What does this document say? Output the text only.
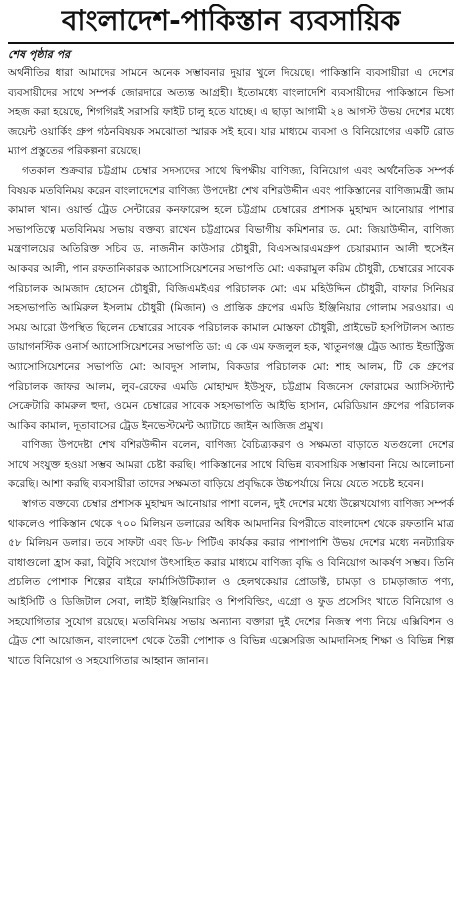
বাংলাদেশ-পাকিস্তান ব্যবসায়িক
শেষ পৃষ্ঠার পর

অর্থনীতির ধারা আমাদের সামনে অনেক সম্ভাবনার দুয়ার খুলে দিয়েছে। পাকিস্তানি ব্যবসায়ীরা এ দেশের ব্যবসায়ীদের সাথে সম্পর্ক জোরদারে অত্যন্ত আগ্রহী। ইতোমধ্যে বাংলাদেশি ব্যবসায়ীদের পাকিস্তানে ভিসা সহজ করা হয়েছে, শিগগিরই সরাসরি ফাইট চালু হতে যাচ্ছে। এ ছাড়া আগামী ২৪ আগস্ট উভয় দেশের মধ্যে জয়েন্ট ওয়ার্কিং গ্রুপ গঠনবিষয়ক সমঝোতা স্মারক সই হবে। যার মাধ্যমে ব্যবসা ও বিনিয়োগের একটি রোড ম্যাপ প্রস্তুতের পরিকল্পনা রয়েছে।

গতকাল শুক্রবার চট্টগ্রাম চেম্বার সদস্যদের সাথে দ্বিপক্ষীয় বাণিজ্য, বিনিয়োগ এবং অর্থনৈতিক সম্পর্ক বিষয়ক মতবিনিময় করেন বাংলাদেশের বাণিজ্য উপদেষ্টা শেখ বশিরউদ্দীন এবং পাকিস্তানের বাণিজ্যমন্ত্রী জাম কামাল খান। ওয়ার্ল্ড ট্রেড সেন্টারের কনফারেন্স হলে চট্টগ্রাম চেম্বারের প্রশাসক মুহাম্মদ আনোয়ার পাশার সভাপতিত্বে মতবিনিময় সভায় বক্তব্য রাখেন চট্টগ্রামের বিভাগীয় কমিশনার ড. মো: জিয়াউদ্দীন, বাণিজ্য মন্ত্রণালয়ের অতিরিক্ত সচিব ড. নাজনীন কাউসার চৌধুরী, বিএসআরএমগ্রুপ চেয়ারম্যান আলী হুসেইন আকবর আলী, পান রফতানিকারক অ্যাসোসিয়েশনের সভাপতি মো: একরামুল করিম চৌধুরী, চেম্বারের সাবেক পরিচালক আমজাদ হোসেন চৌধুরী, বিজিএমইএর পরিচালক মো: এম মহিউদ্দিন চৌধুরী, বাফার সিনিয়র সহসভাপতি আমিরুল ইসলাম চৌধুরী (মিজান) ও প্রান্তিক গ্রুপের এমডি ইঞ্জিনিয়ার গোলাম সরওয়ার। এ সময় আরো উপস্থিত ছিলেন চেম্বারের সাবেক পরিচালক কামাল মোস্তফা চৌধুরী, প্রাইভেট হসপিটালস অ্যান্ড ডায়াগনস্টিক ওনার্স অ্যাসোসিয়েশনের সভাপতি ডা: এ কে এম ফজলুল হক, খাতুনগঞ্জ ট্রেড অ্যান্ড ইন্ডাস্ট্রিজ অ্যাসোসিয়েশনের সভাপতি মো: আবদুস সালাম, বিকডার পরিচালক মো: শাহ আলম, টি কে গ্রুপের পরিচালক জাফর আলম, লুব-রেফের এমডি মোহাম্মদ ইউসুফ, চট্টগ্রাম বিজনেস ফোরামের অ্যাসিস্ট্যান্ট সেক্রেটারি কামরুল হুদা, ওমেন চেম্বারের সাবেক সহসভাপতি আইভি হাসান, মেরিডিয়ান গ্রুপের পরিচালক আকিব কামাল, দূতাবাসের ট্রেড ইনভেস্টমেন্ট অ্যাটাচে জাইন আজিজ প্রমুখ।

বাণিজ্য উপদেষ্টা শেখ বশিরউদ্দীন বলেন, বাণিজ্য বৈচিত্র্যকরণ ও সক্ষমতা বাড়াতে যতগুলো দেশের সাথে সংযুক্ত হওয়া সম্ভব আমরা চেষ্টা করছি। পাকিস্তানের সাথে বিভিন্ন ব্যবসায়িক সম্ভাবনা নিয়ে আলোচনা করেছি। আশা করছি ব্যবসায়ীরা তাদের সক্ষমতা বাড়িয়ে প্রবৃদ্ধিকে উচ্চপর্যায়ে নিয়ে যেতে সচেষ্ট হবেন।

স্বাগত বক্তব্যে চেম্বার প্রশাসক মুহাম্মদ আনোয়ার পাশা বলেন, দুই দেশের মধ্যে উল্লেখযোগ্য বাণিজ্য সম্পর্ক থাকলেও পাকিস্তান থেকে ৭০০ মিলিয়ন ডলারের অধিক আমদানির বিপরীতে বাংলাদেশ থেকে রফতানি মাত্র ৫৮ মিলিয়ন ডলার। তবে সাফটা এবং ডি-৮ পিটিএ কার্যকর করার পাশাপাশি উভয় দেশের মধ্যে ননট্যারিফ বাধাগুলো হ্রাস করা, বিটুবি সংযোগ উৎসাহিত করার মাধ্যমে বাণিজ্য বৃদ্ধি ও বিনিয়োগ আকর্ষণ সম্ভব। তিনি প্রচলিত পোশাক শিল্পের বাইরে ফার্মাসিউটিক্যাল ও হেলথকেয়ার প্রোডাক্ট, চামড়া ও চামড়াজাত পণ্য, আইসিটি ও ডিজিটাল সেবা, লাইট ইঞ্জিনিয়ারিং ও শিপবিল্ডিং, এগ্রো ও ফুড প্রসেসিং খাতে বিনিয়োগ ও সহযোগিতার সুযোগ রয়েছে। মতবিনিময় সভায় অন্যান্য বক্তারা দুই দেশের নিজস্ব পণ্য নিয়ে এক্সিবিশন ও ট্রেড শো আয়োজন, বাংলাদেশ থেকে তৈরী পোশাক ও বিভিন্ন এক্সেসরিজ আমদানিসহ শিক্ষা ও বিভিন্ন শিল্প খাতে বিনিয়োগ ও সহযোগিতার আহ্বান জানান।
